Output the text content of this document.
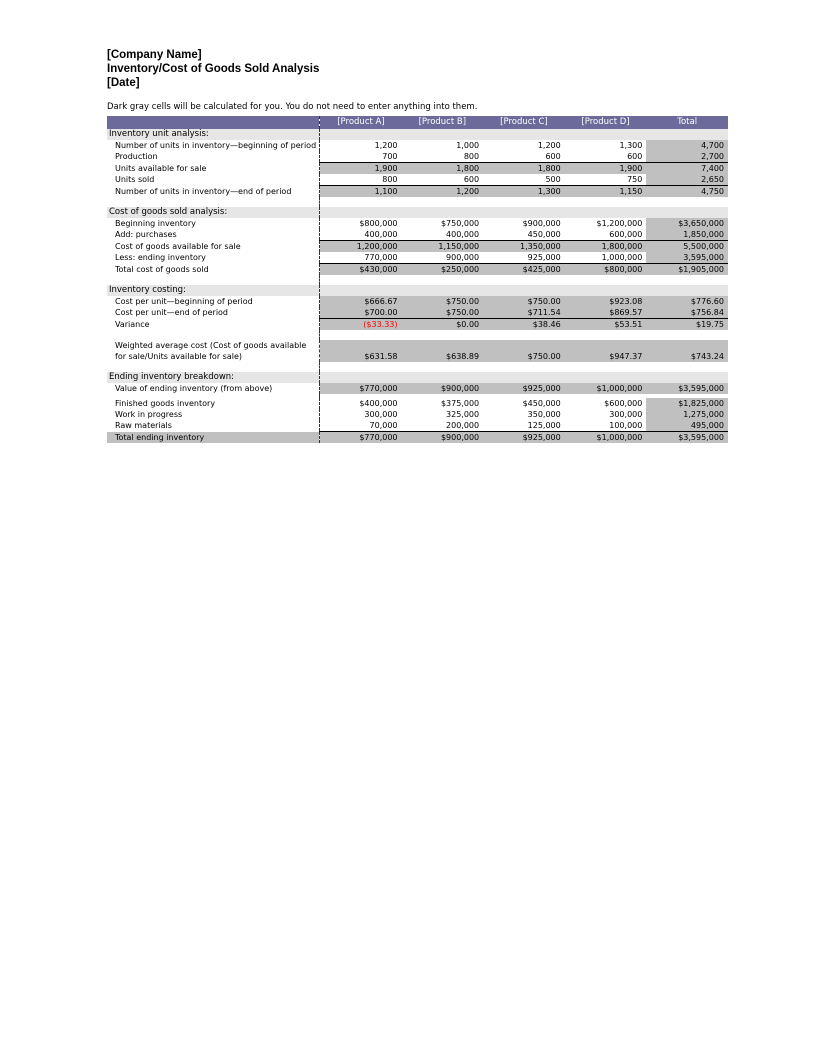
[Company Name]
Inventory/Cost of Goods Sold Analysis
[Date]
Dark gray cells will be calculated for you. You do not need to enter anything into them.
	[Product A]	[Product B]	[Product C]	[Product D]	Total
Inventory unit analysis:					
Number of units in inventory—beginning of period	1,200	1,000	1,200	1,300	4,700
Production	700	800	600	600	2,700
Units available for sale	1,900	1,800	1,800	1,900	7,400
Units sold	800	600	500	750	2,650
Number of units in inventory—end of period	1,100	1,200	1,300	1,150	4,750

Cost of goods sold analysis:					
Beginning inventory	$800,000	$750,000	$900,000	$1,200,000	$3,650,000
Add: purchases	400,000	400,000	450,000	600,000	1,850,000
Cost of goods available for sale	1,200,000	1,150,000	1,350,000	1,800,000	5,500,000
Less: ending inventory	770,000	900,000	925,000	1,000,000	3,595,000
Total cost of goods sold	$430,000	$250,000	$425,000	$800,000	$1,905,000

Inventory costing:					
Cost per unit—beginning of period	$666.67	$750.00	$750.00	$923.08	$776.60
Cost per unit—end of period	$700.00	$750.00	$711.54	$869.57	$756.84
Variance	($33.33)	$0.00	$38.46	$53.51	$19.75

Weighted average cost (Cost of goods available for sale/Units available for sale)	$631.58	$638.89	$750.00	$947.37	$743.24

Ending inventory breakdown:					
Value of ending inventory (from above)	$770,000	$900,000	$925,000	$1,000,000	$3,595,000

Finished goods inventory	$400,000	$375,000	$450,000	$600,000	$1,825,000
Work in progress	300,000	325,000	350,000	300,000	1,275,000
Raw materials	70,000	200,000	125,000	100,000	495,000
Total ending inventory	$770,000	$900,000	$925,000	$1,000,000	$3,595,000
